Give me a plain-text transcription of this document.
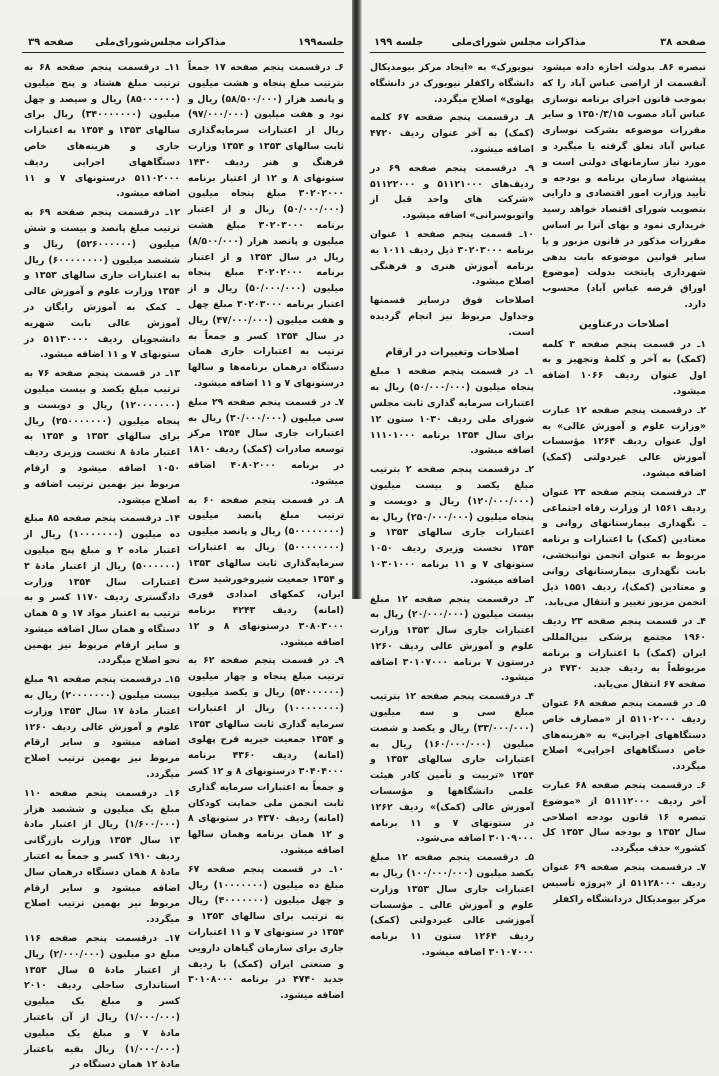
جلسه۱۹۹
مذاکرات مجلس‌شورای‌ملی
صفحه ۳۹

۶ـ درقسمت پنجم صفحه ۱۷ جمعاً بترتیب مبلغ پنجاه و هشت میلیون و پانصد هزار (۵۸/۵۰۰/۰۰۰) ریال و نود و هفت میلیون (۹۷/۰۰۰/۰۰۰) ریال از اعتبارات سرمایه‌گذاری ثابت سالهای ۱۳۵۳ و ۱۳۵۴ وزارت فرهنگ و هنر ردیف ۱۴۳۰ ستونهای ۸ و ۱۲ از اعتبار برنامه ۳۰۲۰۲۰۰۰ مبلغ پنجاه میلیون (۵۰/۰۰۰/۰۰۰) ریال و از اعتبار برنامه ۳۰۲۰۳۰۰۰ مبلغ هشت میلیون و پانصد هزار (۸/۵۰۰/۰۰۰) ریال در سال ۱۳۵۳ و از اعتبار برنامه ۳۰۲۰۲۰۰۰ مبلغ پنجاه میلیون (۵۰/۰۰۰/۰۰۰) ریال و از اعتبار برنامه ۳۰۲۰۳۰۰۰ مبلغ چهل و هفت میلیون (۴۷/۰۰۰/۰۰۰) ریال در سال ۱۳۵۴ کسر و جمعاً به ترتیب به اعتبارات جاری همان دستگاه درهمان برنامه‌ها و سالها درستونهای ۷ و ۱۱ اضافه میشود.

۷ـ در قسمت پنجم صفحه ۲۹ مبلغ سی میلیون (۳۰/۰۰۰/۰۰۰) ریال به اعتبارات جاری سال ۱۳۵۴ مرکز توسعه صادرات (کمک) ردیف ۱۸۱۰ در برنامه ۴۰۸۰۲۰۰۰ اضافه میشود.

۸ـ در قسمت پنجم صفحه ۶۰ به ترتیب مبلغ پانصد میلیون (۵۰۰۰۰۰۰۰۰) ریال و پانصد میلیون (۵۰۰۰۰۰۰۰۰) ریال به اعتبارات سرمایه‌گذاری ثابت سالهای ۱۳۵۳ و ۱۳۵۴ جمعیت شیروخورشید سرخ ایران، کمکهای امدادی فوری (امانه) ردیف ۴۲۴۳ برنامه ۳۰۸۰۳۰۰۰ درستونهای ۸ و ۱۲ اضافه میشود.

۹ـ در قسمت پنجم صفحه ۶۲ به ترتیب مبلغ پنجاه و چهار میلیون (۵۴۰۰۰۰۰۰) ریال و یکصد میلیون (۱۰۰۰۰۰۰۰۰) ریال از اعتبارات سرمایه گذاری ثابت سالهای ۱۳۵۳ و ۱۳۵۴ جمعیت خیریه فرح پهلوی (امانه) ردیف ۴۳۶۰ برنامه ۳۰۴۰۴۰۰۰ درستونهای ۸ و ۱۲ کسر و جمعاً به اعتبارات سرمایه گذاری ثابت انجمن ملی حمایت کودکان (امانه) ردیف ۴۳۷۰ در ستونهای ۸ و ۱۲ همان برنامه وهمان سالها اضافه میشود.

۱۰ـ در قسمت پنجم صفحه ۶۷ مبلغ ده میلیون (۱۰۰۰۰۰۰۰) ریال و چهل میلیون (۴۰۰۰۰۰۰۰) ریال به ترتیب برای سالهای ۱۳۵۳ و ۱۳۵۴ در ستونهای ۷ و ۱۱ اعتبارات جاری برای سازمان گیاهان دارویی و صنعتی ایران (کمک) با ردیف جدید ۴۷۴۰ در برنامه ۳۰۱۰۸۰۰۰ اضافه میشود.

۱۱ـ درقسمت پنجم صفحه ۶۸ به ترتیب مبلغ هشتاد و پنج میلیون (۸۵۰۰۰۰۰۰) ریال و سیصد و چهل میلیون (۳۴۰۰۰۰۰۰۰) ریال برای سالهای ۱۳۵۳ و ۱۳۵۴ به اعتبارات جاری و هزینه‌های خاص دستگاههای اجرایی ردیف ۵۱۱۰۲۰۰۰ درستونهای ۷ و ۱۱ اضافه میشود.

۱۲ـ درقسمت پنجم صفحه ۶۹ به ترتیب مبلغ پانصد و بیست و شش میلیون (۵۲۶۰۰۰۰۰۰) ریال و ششصد میلیون (۶۰۰۰۰۰۰۰۰) ریال به اعتبارات جاری سالهای ۱۳۵۳ و ۱۳۵۴ وزارت علوم و آموزش عالی ـ کمک به آموزش رایگان در آموزش عالی بابت شهریه دانشجویان ردیف ۵۱۱۳۰۰۰۰ در ستونهای ۷ و ۱۱ اضافه میشود.

۱۳ـ در قسمت پنجم صفحه ۷۶ به ترتیب مبلغ یکصد و بیست میلیون (۱۲۰۰۰۰۰۰۰) ریال و دویست و پنجاه میلیون (۲۵۰۰۰۰۰۰۰) ریال برای سالهای ۱۳۵۳ و ۱۳۵۴ به اعتبار مادهٔ ۸ نخست وزیری ردیف ۱۰۵۰ اضافه میشود و ارقام مربوط نیز بهمین ترتیب اضافه و اصلاح میشود.

۱۴ـ درقسمت پنجم صفحه ۸۵ مبلغ ده میلیون (۱۰۰۰۰۰۰۰) ریال از اعتبار ماده ۲ و مبلغ پنج میلیون (۵۰۰۰۰۰۰) ریال از اعتبار مادهٔ ۳ اعتبارات سال ۱۳۵۴ وزارت دادگستری ردیف ۱۱۷۰ کسر و به ترتیب به اعتبار مواد ۱۷ و ۵ همان دستگاه و همان سال اضافه میشود و سایر ارقام مربوط نیز بهمین نحو اصلاح میگردد.

۱۵ـ درقسمت پنجم صفحه ۹۱ مبلغ بیست میلیون (۲۰۰۰۰۰۰۰) ریال به اعتبار مادهٔ ۱۷ سال ۱۳۵۳ وزارت علوم و آموزش عالی ردیف ۱۲۶۰ اضافه میشود و سایر ارقام مربوط نیز بهمین ترتیب اصلاح میگردد.

۱۶ـ درقسمت پنجم صفحه ۱۱۰ مبلغ یک میلیون و ششصد هزار (۱/۶۰۰/۰۰۰) ریال از اعتبار مادهٔ ۱۳ سال ۱۳۵۴ وزارت بازرگانی ردیف ۱۹۱۰ کسر و جمعاً به اعتبار مادهٔ ۸ همان دستگاه درهمان سال اضافه میشود و سایر ارقام مربوط نیز بهمین ترتیب اصلاح میگردد.

۱۷ـ درقسمت پنجم صفحه ۱۱۶ مبلغ دو میلیون (۲/۰۰۰/۰۰۰) ریال از اعتبار مادهٔ ۵ سال ۱۳۵۳ استانداری ساحلی ردیف ۲۰۱۰ کسر و مبلغ یک میلیون (۱/۰۰۰/۰۰۰) ریال از آن باعتبار مادهٔ ۷ و مبلغ یک میلیون (۱/۰۰۰/۰۰۰) ریال بقیه باعتبار مادهٔ ۱۲ همان دستگاه در

صفحه ۳۸
مذاکرات مجلس شورای‌ملی
جلسه ۱۹۹

تبصره ۸۶ـ بدولت اجازه داده میشود آنقسمت از اراضی عباس آباد را که بموجب قانون اجرای برنامه نوسازی عباس آباد مصوب ۱۳۵۰/۳/۱۵ و سایر مقررات موضوعه بشرکت نوسازی عباس آباد تعلق گرفته یا میگیرد و مورد نیاز سازمانهای دولتی است و پیشنهاد سازمان برنامه و بودجه و تأیید وزارت امور اقتصادی و دارایی بتصویب شورای اقتصاد خواهد رسید خریداری نمود و بهای آنرا بر اساس مقررات مذکور در قانون مزبور و یا سایر قوانین موضوعه بابت بدهی شهرداری پایتخت بدولت (موضوع اوراق قرضه عباس آباد) محسوب دارد.

اصلاحات درعناوین

۱ـ در قسمت پنجم صفحه ۳ کلمه (کمک) به آخر و کلمهٔ وتجهیز و به اول عنوان ردیف ۱۰۶۶ اضافه میشود.

۲ـ درقسمت پنجم صفحه ۱۲ عبارت «وزارت علوم و آموزش عالی» به اول عنوان ردیف ۱۲۶۴ مؤسسات آموزش عالی غیردولتی (کمک) اضافه میشود.

۳ـ درقسمت پنجم صفحه ۲۳ عنوان ردیف ۱۵۶۱ از وزارت رفاه اجتماعی ـ نگهداری بیمارستانهای روانی و معتادین (کمک) با اعتبارات و برنامه مربوط به عنوان انجمن توانبخشی، بابت نگهداری بیمارستانهای روانی و معتادین (کمک)، ردیف ۱۵۵۱ ذیل انجمن مزبور تغییر و انتقال می‌یابد.

۴ـ در قسمت پنجم صفحه ۲۳ ردیف ۱۹۶۰ مجتمع پزشکی بین‌المللی ایران (کمک) با اعتبارات و برنامه مربوطه‌اً به ردیف جدید ۴۷۳۰ در صفحه ۶۷ انتقال می‌یابد.

۵ـ در قسمت پنجم صفحه ۶۸ عنوان ردیف ۵۱۱۰۲۰۰۰ از «مصارف خاص دستگاههای اجرایی» به «هزینه‌های خاص دستگاههای اجرایی» اصلاح میگردد.

۶ـ درقسمت پنجم صفحه ۶۸ عبارت آخر ردیف ۵۱۱۱۲۰۰۰ از «موضوع تبصره ۱۶ قانون بودجه اصلاحی سال ۱۳۵۲ و بودجه سال ۱۳۵۳ کل کشور» حذف میگردد.

۷ـ درقسمت پنجم صفحه ۶۹ عنوان ردیف ۵۱۱۲۸۰۰۰ از «پروژه تأسیس مرکز بیومدیکال دردانشگاه راکفلر

نیویورک» به «ایجاد مرکز بیومدیکال دانشگاه راکفلر نیویورک در دانشگاه پهلوی» اصلاح میگردد.

۸ـ درقسمت پنجم صفحه ۶۷ کلمه (کمک) به آخر عنوان ردیف ۴۷۲۰ اضافه میشود.

۹ـ درقسمت پنجم صفحه ۶۹ در ردیف‌های ۵۱۱۲۱۰۰۰ و ۵۱۱۲۲۰۰۰ «شرکت های واحد قبل از واتوبوسرانی» اضافه میشود.

۱۰ـ قسمت پنجم صفحه ۱ عنوان برنامه ۳۰۲۰۳۰۰۰ ذیل ردیف ۱۰۱۱ به برنامه آموزش هنری و فرهنگی اصلاح میشود.

اصلاحات فوق درسایر قسمتها وجداول مربوط نیز انجام گردیده است.

اصلاحات وتغییرات در ارقام

۱ـ در قسمت پنجم صفحه ۱ مبلغ پنجاه میلیون (۵۰/۰۰۰/۰۰۰) ریال به اعتبارات سرمایه گذاری ثابت مجلس شورای ملی ردیف ۱۰۳۰ ستون ۱۲ برای سال ۱۳۵۴ برنامه ۱۱۱۰۱۰۰۰ اضافه میشود.

۲ـ درقسمت پنجم صفحه ۲ بترتیب مبلغ یکصد و بیست میلیون (۱۲۰/۰۰۰/۰۰۰) ریال و دویست و پنجاه میلیون (۲۵۰/۰۰۰/۰۰۰) ریال به اعتبارات جاری سالهای ۱۳۵۳ و ۱۳۵۴ نخست وزیری ردیف ۱۰۵۰ ستونهای ۷ و ۱۱ برنامه ۱۰۳۰۱۰۰۰ اضافه میشود.

۳ـ درقسمت پنجم صفحه ۱۲ مبلغ بیست میلیون (۲۰/۰۰۰/۰۰۰) ریال به اعتبارات جاری سال ۱۳۵۳ وزارت علوم و آموزش عالی ردیف ۱۲۶۰ درستون ۷ برنامه ۳۰۱۰۷۰۰۰ اضافه میشود.

۴ـ درقسمت پنجم صفحه ۱۲ بترتیب مبلغ سی و سه میلیون (۳۳/۰۰۰/۰۰۰) ریال و یکصد و شصت میلیون (۱۶۰/۰۰۰/۰۰۰) ریال به اعتبارات جاری سالهای ۱۳۵۳ و ۱۳۵۴ «تربیت و تأمین کادر هیئت علمی دانشگاهها و مؤسسات آموزش عالی (کمک)» ردیف ۱۲۶۲ در ستونهای ۷ و ۱۱ برنامه ۳۰۱۰۹۰۰۰ اضافه می‌شود.

۵ـ درقسمت پنجم صفحه ۱۲ مبلغ یکصد میلیون (۱۰۰/۰۰۰/۰۰۰) ریال به اعتبارات جاری سال ۱۳۵۳ وزارت علوم و آموزش عالی ـ مؤسسات آموزشی عالی غیردولتی (کمک) ردیف ۱۲۶۴ ستون ۱۱ برنامه ۳۰۱۰۷۰۰۰ اضافه میشود.
